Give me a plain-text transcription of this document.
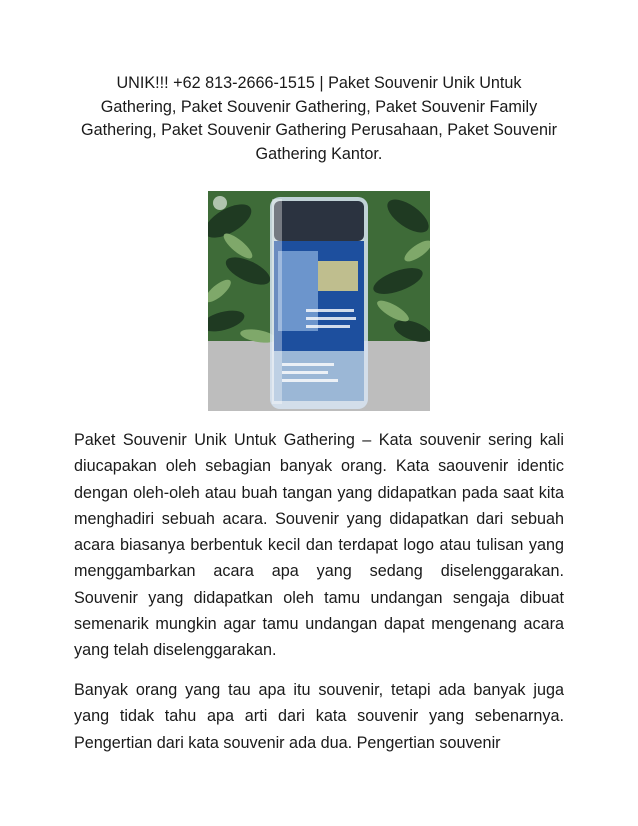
UNIK!!! +62 813-2666-1515 | Paket Souvenir Unik Untuk Gathering, Paket Souvenir Gathering, Paket Souvenir Family Gathering, Paket Souvenir Gathering Perusahaan, Paket Souvenir Gathering Kantor.

Paket Souvenir Unik Untuk Gathering – Kata souvenir sering kali diucapakan oleh sebagian banyak orang. Kata saouvenir identic dengan oleh-oleh atau buah tangan yang didapatkan pada saat kita menghadiri sebuah acara. Souvenir yang didapatkan dari sebuah acara biasanya berbentuk kecil dan terdapat logo atau tulisan yang menggambarkan acara apa yang sedang diselenggarakan. Souvenir yang didapatkan oleh tamu undangan sengaja dibuat semenarik mungkin agar tamu undangan dapat mengenang acara yang telah diselenggarakan.

Banyak orang yang tau apa itu souvenir, tetapi ada banyak juga yang tidak tahu apa arti dari kata souvenir yang sebenarnya. Pengertian dari kata souvenir ada dua. Pengertian souvenir
